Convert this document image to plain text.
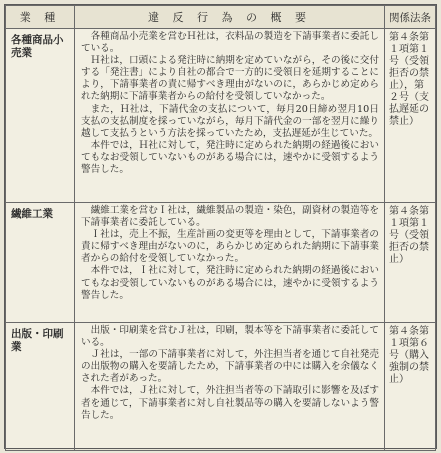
業 種	違 反 行 為 の 概 要	関係法条
各種商品小売業	各種商品小売業を営むＨ社は，衣料品の製造を下請事業者に委託している。

Ｈ社は，口頭による発注時に納期を定めていながら，その後に交付する「発注書」により自社の都合で一方的に受領日を延期することにより，下請事業者の責に帰すべき理由がないのに，あらかじめ定められた納期に下請事業者からの給付を受領していなかった。

また，Ｈ社は，下請代金の支払について，毎月20日締め翌月10日支払の支払制度を採っていながら，毎月下請代金の一部を翌月に繰り越して支払うという方法を採っていたため，支払遅延が生じていた。

本件では，Ｈ社に対して，発注時に定められた納期の経過後においてもなお受領していないものがある場合には，速やかに受領するよう警告した。	第４条第１項第１号（受領拒否の禁止），第２号（支払遅延の禁止）
繊維工業	繊維工業を営むＩ社は，繊維製品の製造・染色，副資材の製造等を下請事業者に委託している。

Ｉ社は，売上不振，生産計画の変更等を理由として，下請事業者の責に帰すべき理由がないのに，あらかじめ定められた納期に下請事業者からの給付を受領していなかった。

本件では，Ｉ社に対して，発注時に定められた納期の経過後においてもなお受領していないものがある場合には，速やかに受領するよう警告した。	第４条第１項第１号（受領拒否の禁止）
出版・印刷業	出版・印刷業を営むＪ社は，印刷，製本等を下請事業者に委託している。

Ｊ社は，一部の下請事業者に対して，外注担当者を通じて自社発売の出版物の購入を要請したため，下請事業者の中には購入を余儀なくされた者があった。

本件では，Ｊ社に対して，外注担当者等の下請取引に影響を及ぼす者を通じて，下請事業者に対し自社製品等の購入を要請しないよう警告した。	第４条第１項第６号（購入強制の禁止）
